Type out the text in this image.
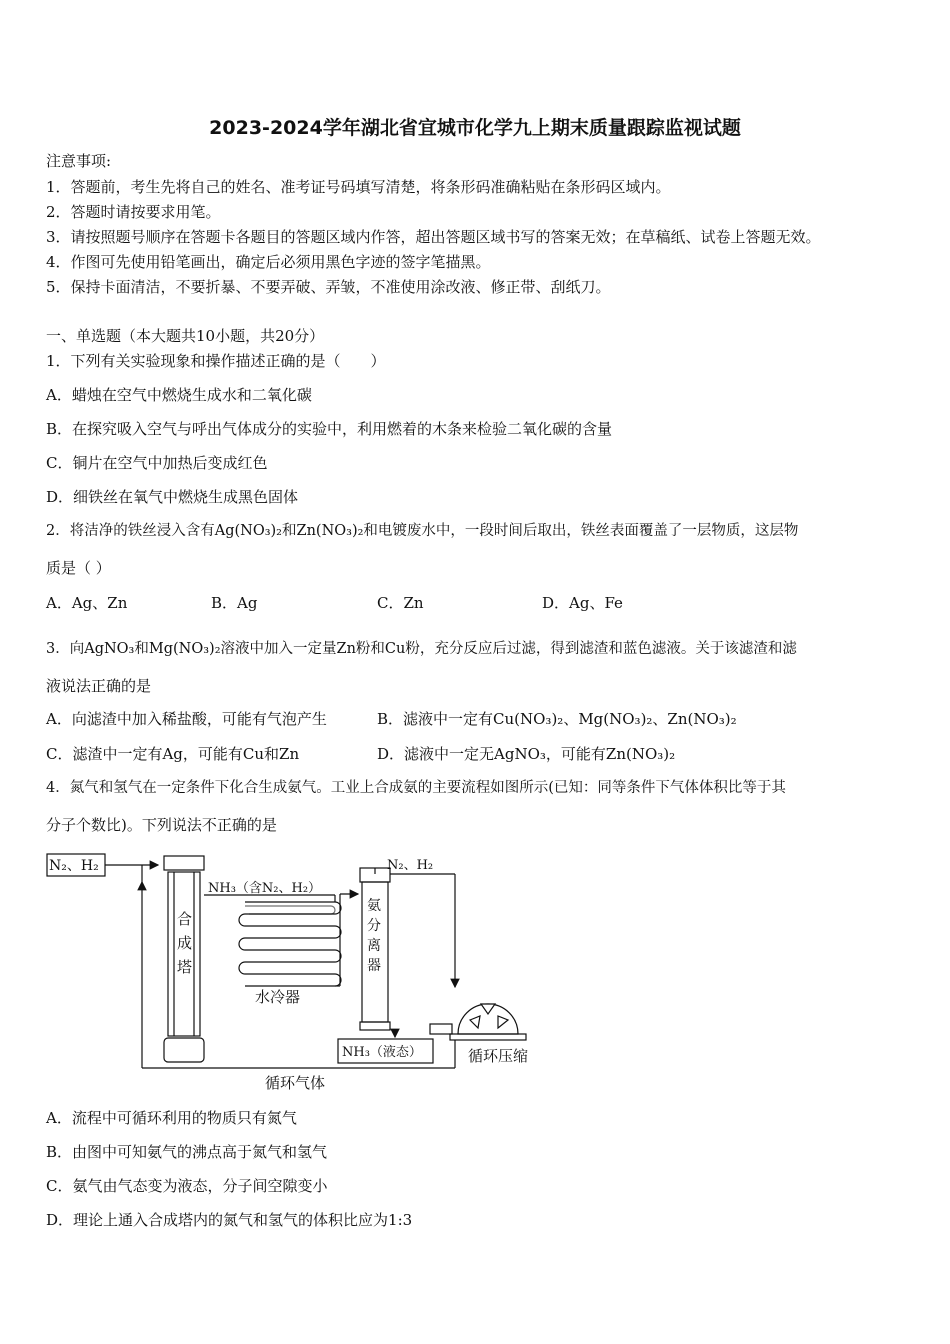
2023-2024学年湖北省宜城市化学九上期末质量跟踪监视试题
注意事项:
1．答题前，考生先将自己的姓名、准考证号码填写清楚，将条形码准确粘贴在条形码区域内。
2．答题时请按要求用笔。
3．请按照题号顺序在答题卡各题目的答题区域内作答，超出答题区域书写的答案无效；在草稿纸、试卷上答题无效。
4．作图可先使用铅笔画出，确定后必须用黑色字迹的签字笔描黑。
5．保持卡面清洁，不要折暴、不要弄破、弄皱，不准使用涂改液、修正带、刮纸刀。
一、单选题（本大题共10小题，共20分）
1．下列有关实验现象和操作描述正确的是（　　）
A．蜡烛在空气中燃烧生成水和二氧化碳
B．在探究吸入空气与呼出气体成分的实验中，利用燃着的木条来检验二氧化碳的含量
C．铜片在空气中加热后变成红色
D．细铁丝在氧气中燃烧生成黑色固体
2．将洁净的铁丝浸入含有Ag(NO₃)₂和Zn(NO₃)₂和电镀废水中，一段时间后取出，铁丝表面覆盖了一层物质，这层物
质是（ ）
A．Ag、Zn	B．Ag	C．Zn	D．Ag、Fe
3．向AgNO₃和Mg(NO₃)₂溶液中加入一定量Zn粉和Cu粉，充分反应后过滤，得到滤渣和蓝色滤液。关于该滤渣和滤
液说法正确的是
A．向滤渣中加入稀盐酸，可能有气泡产生	B．滤液中一定有Cu(NO₃)₂、Mg(NO₃)₂、Zn(NO₃)₂
C．滤渣中一定有Ag，可能有Cu和Zn	D．滤液中一定无AgNO₃，可能有Zn(NO₃)₂
4．氮气和氢气在一定条件下化合生成氨气。工业上合成氨的主要流程如图所示(已知：同等条件下气体体积比等于其
分子个数比)。下列说法不正确的是
N₂、H₂
合
成
塔
NH₃（含N₂、H₂）
水冷器
氨
分
离
器
N₂、H₂
NH₃（液态）	循环压缩
循环气体
A．流程中可循环利用的物质只有氮气
B．由图中可知氨气的沸点高于氮气和氢气
C．氨气由气态变为液态，分子间空隙变小
D．理论上通入合成塔内的氮气和氢气的体积比应为1:3
